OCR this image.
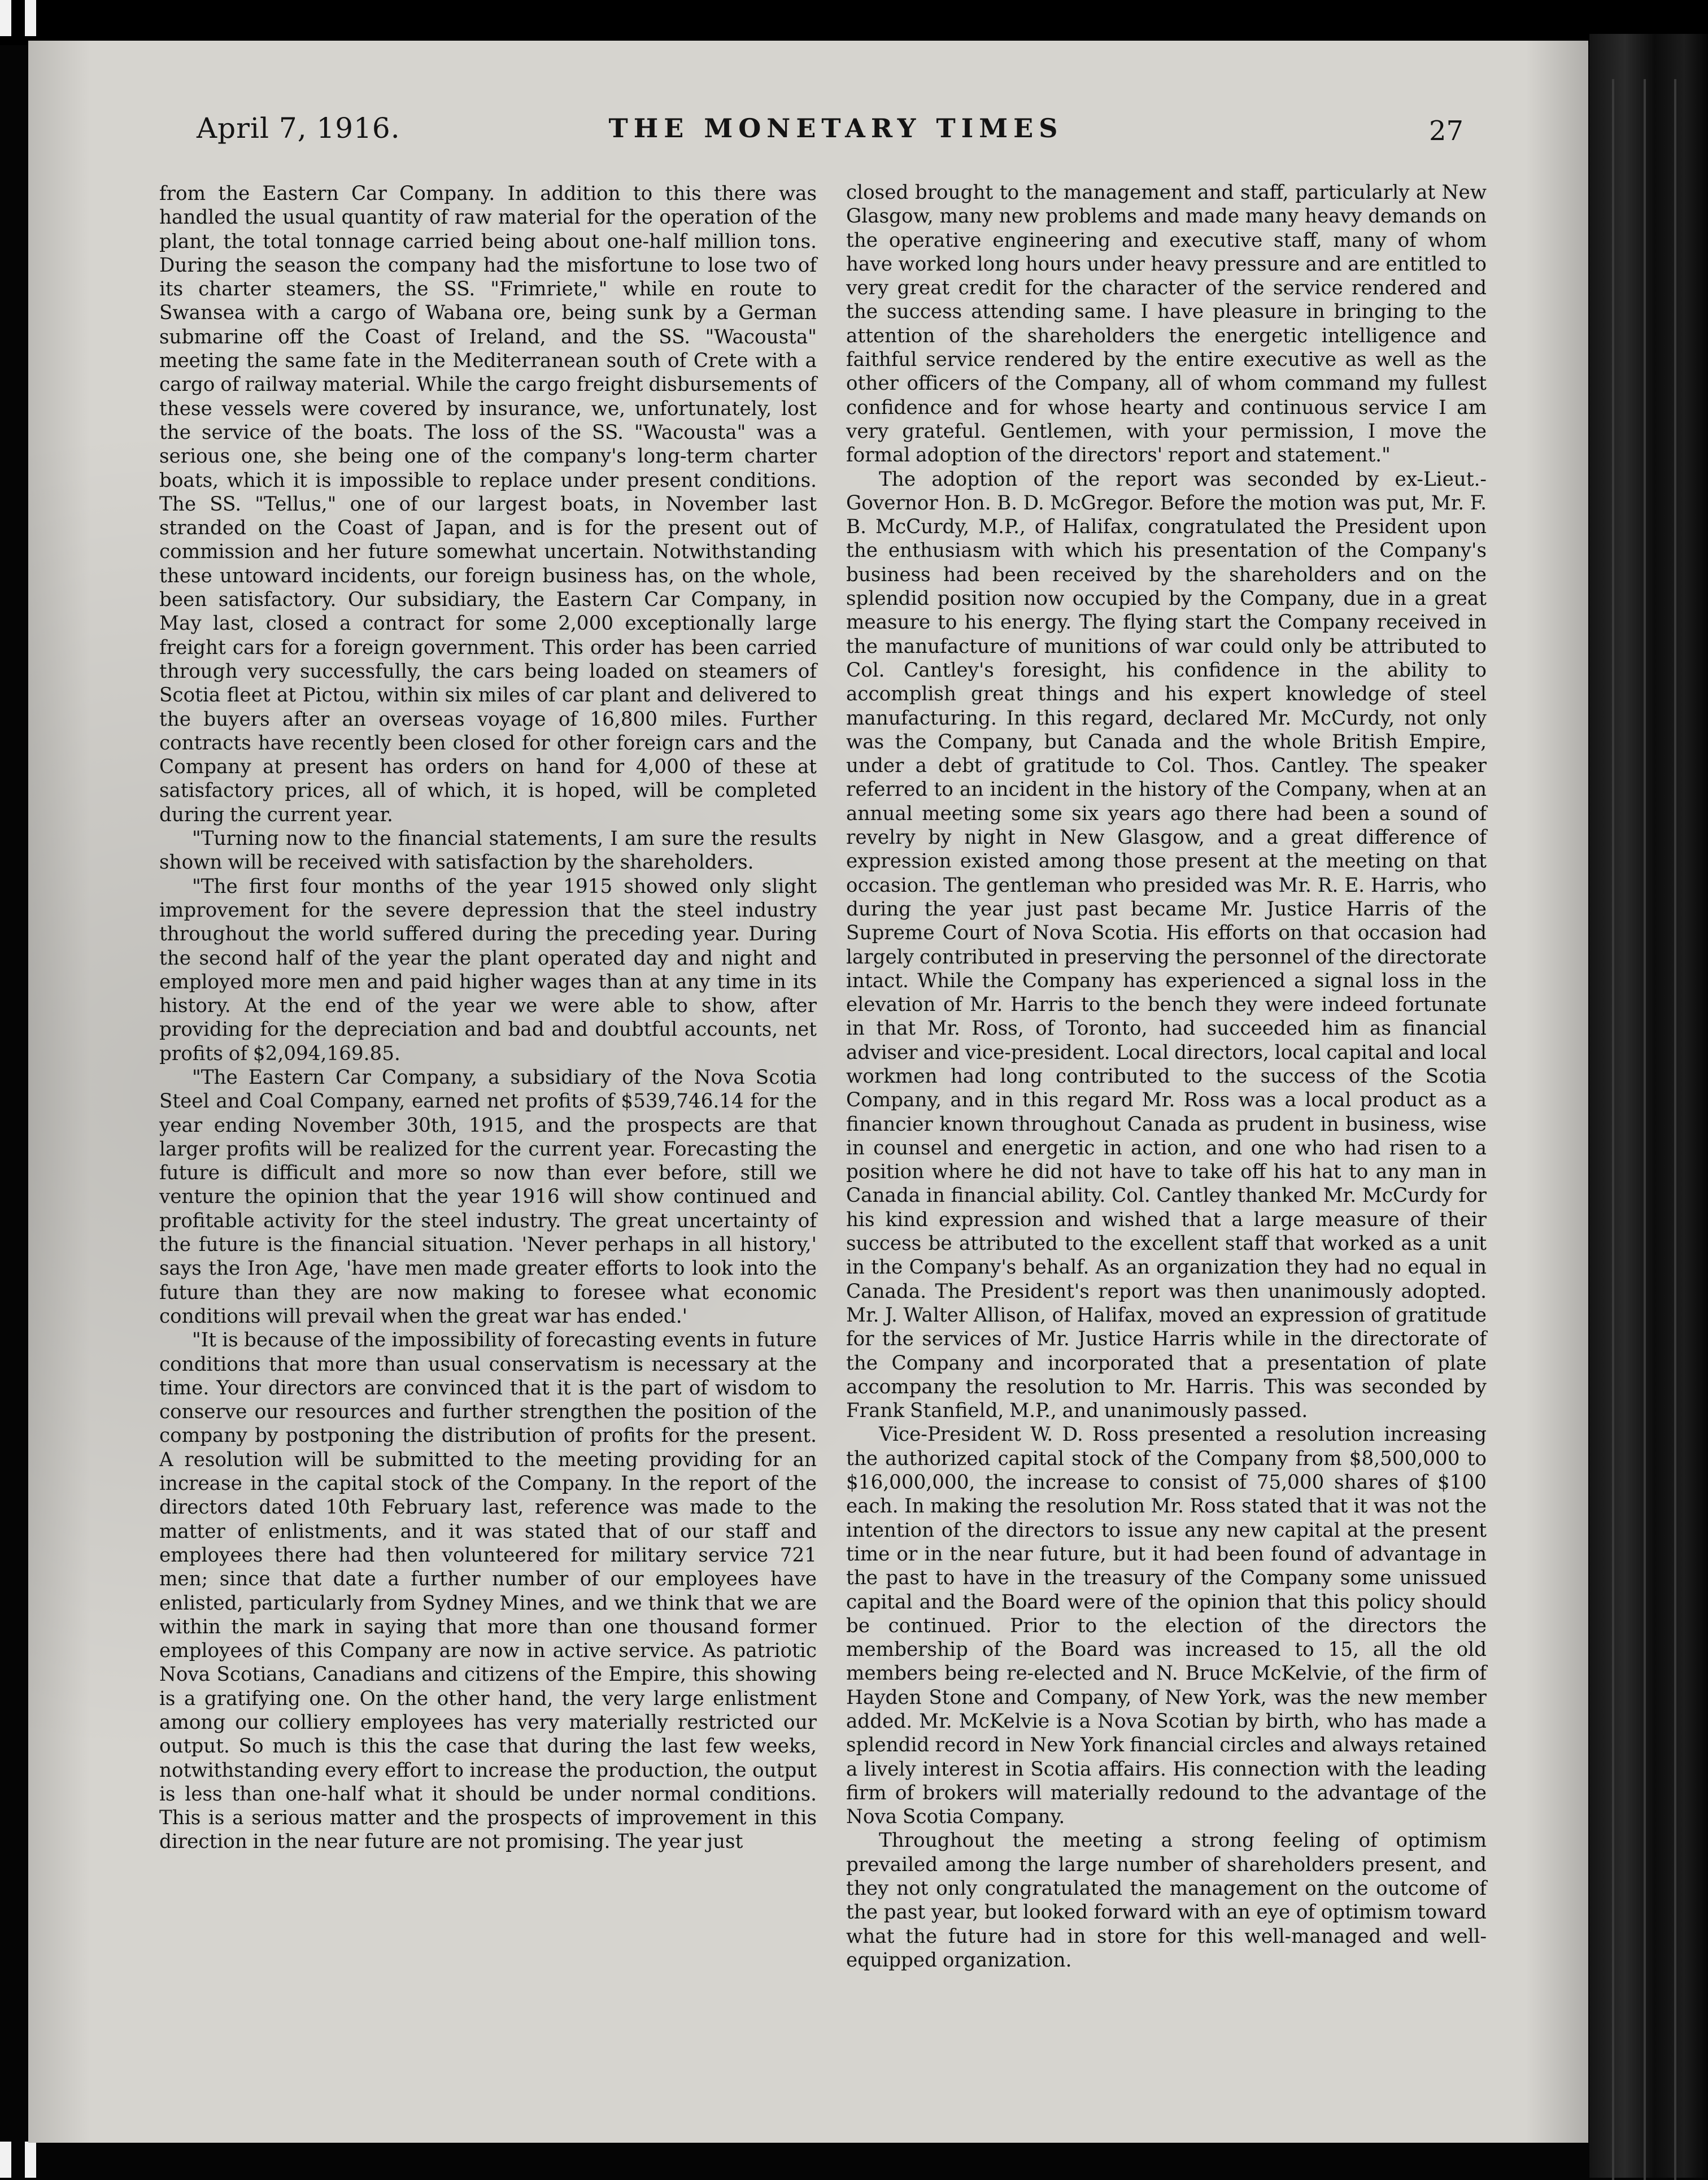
April 7, 1916.	THE MONETARY TIMES	27

from the Eastern Car Company. In addition to this there was handled the usual quantity of raw material for the operation of the plant, the total tonnage carried being about one-half million tons. During the season the company had the misfortune to lose two of its charter steamers, the SS. "Frimriete," while en route to Swansea with a cargo of Wabana ore, being sunk by a German submarine off the Coast of Ireland, and the SS. "Wacousta" meeting the same fate in the Mediterranean south of Crete with a cargo of railway material. While the cargo freight disbursements of these vessels were covered by insurance, we, unfortunately, lost the service of the boats. The loss of the SS. "Wacousta" was a serious one, she being one of the company's long-term charter boats, which it is impossible to replace under present conditions. The SS. "Tellus," one of our largest boats, in November last stranded on the Coast of Japan, and is for the present out of commission and her future somewhat uncertain. Notwithstanding these untoward incidents, our foreign business has, on the whole, been satisfactory. Our subsidiary, the Eastern Car Company, in May last, closed a contract for some 2,000 exceptionally large freight cars for a foreign government. This order has been carried through very successfully, the cars being loaded on steamers of Scotia fleet at Pictou, within six miles of car plant and delivered to the buyers after an overseas voyage of 16,800 miles. Further contracts have recently been closed for other foreign cars and the Company at present has orders on hand for 4,000 of these at satisfactory prices, all of which, it is hoped, will be completed during the current year.

"Turning now to the financial statements, I am sure the results shown will be received with satisfaction by the shareholders.

"The first four months of the year 1915 showed only slight improvement for the severe depression that the steel industry throughout the world suffered during the preceding year. During the second half of the year the plant operated day and night and employed more men and paid higher wages than at any time in its history. At the end of the year we were able to show, after providing for the depreciation and bad and doubtful accounts, net profits of $2,094,169.85.

"The Eastern Car Company, a subsidiary of the Nova Scotia Steel and Coal Company, earned net profits of $539,746.14 for the year ending November 30th, 1915, and the prospects are that larger profits will be realized for the current year. Forecasting the future is difficult and more so now than ever before, still we venture the opinion that the year 1916 will show continued and profitable activity for the steel industry. The great uncertainty of the future is the financial situation. 'Never perhaps in all history,' says the Iron Age, 'have men made greater efforts to look into the future than they are now making to foresee what economic conditions will prevail when the great war has ended.'

"It is because of the impossibility of forecasting events in future conditions that more than usual conservatism is necessary at the time. Your directors are convinced that it is the part of wisdom to conserve our resources and further strengthen the position of the company by postponing the distribution of profits for the present. A resolution will be submitted to the meeting providing for an increase in the capital stock of the Company. In the report of the directors dated 10th February last, reference was made to the matter of enlistments, and it was stated that of our staff and employees there had then volunteered for military service 721 men; since that date a further number of our employees have enlisted, particularly from Sydney Mines, and we think that we are within the mark in saying that more than one thousand former employees of this Company are now in active service. As patriotic Nova Scotians, Canadians and citizens of the Empire, this showing is a gratifying one. On the other hand, the very large enlistment among our colliery employees has very materially restricted our output. So much is this the case that during the last few weeks, notwithstanding every effort to increase the production, the output is less than one-half what it should be under normal conditions. This is a serious matter and the prospects of improvement in this direction in the near future are not promising. The year just

closed brought to the management and staff, particularly at New Glasgow, many new problems and made many heavy demands on the operative engineering and executive staff, many of whom have worked long hours under heavy pressure and are entitled to very great credit for the character of the service rendered and the success attending same. I have pleasure in bringing to the attention of the shareholders the energetic intelligence and faithful service rendered by the entire executive as well as the other officers of the Company, all of whom command my fullest confidence and for whose hearty and continuous service I am very grateful. Gentlemen, with your permission, I move the formal adoption of the directors' report and statement."

The adoption of the report was seconded by ex-Lieut.-Governor Hon. B. D. McGregor. Before the motion was put, Mr. F. B. McCurdy, M.P., of Halifax, congratulated the President upon the enthusiasm with which his presentation of the Company's business had been received by the shareholders and on the splendid position now occupied by the Company, due in a great measure to his energy. The flying start the Company received in the manufacture of munitions of war could only be attributed to Col. Cantley's foresight, his confidence in the ability to accomplish great things and his expert knowledge of steel manufacturing. In this regard, declared Mr. McCurdy, not only was the Company, but Canada and the whole British Empire, under a debt of gratitude to Col. Thos. Cantley. The speaker referred to an incident in the history of the Company, when at an annual meeting some six years ago there had been a sound of revelry by night in New Glasgow, and a great difference of expression existed among those present at the meeting on that occasion. The gentleman who presided was Mr. R. E. Harris, who during the year just past became Mr. Justice Harris of the Supreme Court of Nova Scotia. His efforts on that occasion had largely contributed in preserving the personnel of the directorate intact. While the Company has experienced a signal loss in the elevation of Mr. Harris to the bench they were indeed fortunate in that Mr. Ross, of Toronto, had succeeded him as financial adviser and vice-president. Local directors, local capital and local workmen had long contributed to the success of the Scotia Company, and in this regard Mr. Ross was a local product as a financier known throughout Canada as prudent in business, wise in counsel and energetic in action, and one who had risen to a position where he did not have to take off his hat to any man in Canada in financial ability. Col. Cantley thanked Mr. McCurdy for his kind expression and wished that a large measure of their success be attributed to the excellent staff that worked as a unit in the Company's behalf. As an organization they had no equal in Canada. The President's report was then unanimously adopted. Mr. J. Walter Allison, of Halifax, moved an expression of gratitude for the services of Mr. Justice Harris while in the directorate of the Company and incorporated that a presentation of plate accompany the resolution to Mr. Harris. This was seconded by Frank Stanfield, M.P., and unanimously passed.

Vice-President W. D. Ross presented a resolution increasing the authorized capital stock of the Company from $8,500,000 to $16,000,000, the increase to consist of 75,000 shares of $100 each. In making the resolution Mr. Ross stated that it was not the intention of the directors to issue any new capital at the present time or in the near future, but it had been found of advantage in the past to have in the treasury of the Company some unissued capital and the Board were of the opinion that this policy should be continued. Prior to the election of the directors the membership of the Board was increased to 15, all the old members being re-elected and N. Bruce McKelvie, of the firm of Hayden Stone and Company, of New York, was the new member added. Mr. McKelvie is a Nova Scotian by birth, who has made a splendid record in New York financial circles and always retained a lively interest in Scotia affairs. His connection with the leading firm of brokers will materially redound to the advantage of the Nova Scotia Company.

Throughout the meeting a strong feeling of optimism prevailed among the large number of shareholders present, and they not only congratulated the management on the outcome of the past year, but looked forward with an eye of optimism toward what the future had in store for this well-managed and well-equipped organization.
